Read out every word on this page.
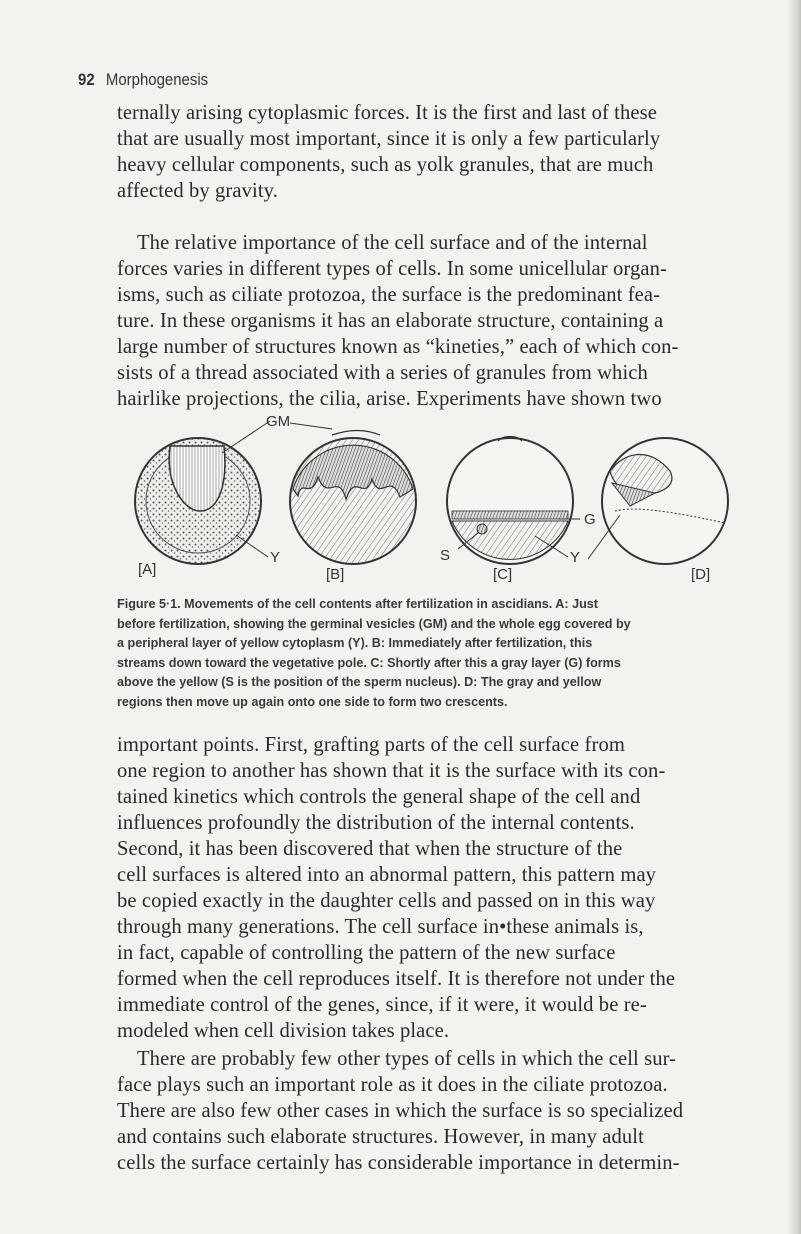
92 Morphogenesis
ternally arising cytoplasmic forces. It is the first and last of these
that are usually most important, since it is only a few particularly
heavy cellular components, such as yolk granules, that are much
affected by gravity.
The relative importance of the cell surface and of the internal
forces varies in different types of cells. In some unicellular organ-
isms, such as ciliate protozoa, the surface is the predominant fea-
ture. In these organisms it has an elaborate structure, containing a
large number of structures known as “kineties,” each of which con-
sists of a thread associated with a series of granules from which
hairlike projections, the cilia, arise. Experiments have shown two
GM
Y	S
G
Y
[A]	[B]	[C]	[D]
Figure 5·1. Movements of the cell contents after fertilization in ascidians. A: Just
before fertilization, showing the germinal vesicles (GM) and the whole egg covered by
a peripheral layer of yellow cytoplasm (Y). B: Immediately after fertilization, this
streams down toward the vegetative pole. C: Shortly after this a gray layer (G) forms
above the yellow (S is the position of the sperm nucleus). D: The gray and yellow
regions then move up again onto one side to form two crescents.
important points. First, grafting parts of the cell surface from
one region to another has shown that it is the surface with its con-
tained kinetics which controls the general shape of the cell and
influences profoundly the distribution of the internal contents.
Second, it has been discovered that when the structure of the
cell surfaces is altered into an abnormal pattern, this pattern may
be copied exactly in the daughter cells and passed on in this way
through many generations. The cell surface in•these animals is,
in fact, capable of controlling the pattern of the new surface
formed when the cell reproduces itself. It is therefore not under the
immediate control of the genes, since, if it were, it would be re-
modeled when cell division takes place.
There are probably few other types of cells in which the cell sur-
face plays such an important role as it does in the ciliate protozoa.
There are also few other cases in which the surface is so specialized
and contains such elaborate structures. However, in many adult
cells the surface certainly has considerable importance in determin-
